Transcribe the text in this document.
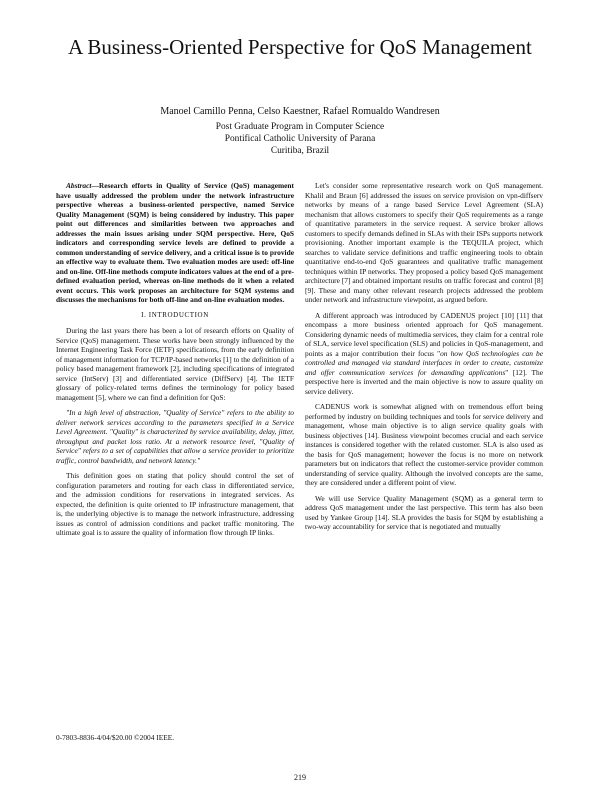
A Business-Oriented Perspective for QoS Management
Manoel Camillo Penna, Celso Kaestner, Rafael Romualdo Wandresen
Post Graduate Program in Computer Science
Pontifical Catholic University of Parana
Curitiba, Brazil

Abstract—Research efforts in Quality of Service (QoS) management have usually addressed the problem under the network infrastructure perspective whereas a business-oriented perspective, named Service Quality Management (SQM) is being considered by industry. This paper point out differences and similarities between two approaches and addresses the main issues arising under SQM perspective. Here, QoS indicators and corresponding service levels are defined to provide a common understanding of service delivery, and a critical issue is to provide an effective way to evaluate them. Two evaluation modes are used: off-line and on-line. Off-line methods compute indicators values at the end of a pre-defined evaluation period, whereas on-line methods do it when a related event occurs. This work proposes an architecture for SQM systems and discusses the mechanisms for both off-line and on-line evaluation modes.

I. INTRODUCTION

During the last years there has been a lot of research efforts on Quality of Service (QoS) management. These works have been strongly influenced by the Internet Engineering Task Force (IETF) specifications, from the early definition of management information for TCP/IP-based networks [1] to the definition of a policy based management framework [2], including specifications of integrated service (IntServ) [3] and differentiated service (DiffServ) [4]. The IETF glossary of policy-related terms defines the terminology for policy based management [5], where we can find a definition for QoS:

"In a high level of abstraction, "Quality of Service" refers to the ability to deliver network services according to the parameters specified in a Service Level Agreement. "Quality" is characterized by service availability, delay, jitter, throughput and packet loss ratio. At a network resource level, "Quality of Service" refers to a set of capabilities that allow a service provider to prioritize traffic, control bandwidth, and network latency."

This definition goes on stating that policy should control the set of configuration parameters and routing for each class in differentiated service, and the admission conditions for reservations in integrated services. As expected, the definition is quite oriented to IP infrastructure management, that is, the underlying objective is to manage the network infrastructure, addressing issues as control of admission conditions and packet traffic monitoring. The ultimate goal is to assure the quality of information flow through IP links.

Let's consider some representative research work on QoS management. Khalil and Braun [6] addressed the issues on service provision on vpn-diffserv networks by means of a range based Service Level Agreement (SLA) mechanism that allows customers to specify their QoS requirements as a range of quantitative parameters in the service request. A service broker allows customers to specify demands defined in SLAs with their ISPs supports network provisioning. Another important example is the TEQUILA project, which searches to validate service definitions and traffic engineering tools to obtain quantitative end-to-end QoS guarantees and qualitative traffic management techniques within IP networks. They proposed a policy based QoS management architecture [7] and obtained important results on traffic forecast and control [8] [9]. These and many other relevant research projects addressed the problem under network and infrastructure viewpoint, as argued before.

A different approach was introduced by CADENUS project [10] [11] that encompass a more business oriented approach for QoS management. Considering dynamic needs of multimedia services, they claim for a central role of SLA, service level specification (SLS) and policies in QoS-management, and points as a major contribution their focus "on how QoS technologies can be controlled and managed via standard interfaces in order to create, customize and offer communication services for demanding applications" [12]. The perspective here is inverted and the main objective is now to assure quality on service delivery.

CADENUS work is somewhat aligned with on tremendous effort being performed by industry on building techniques and tools for service delivery and management, whose main objective is to align service quality goals with business objectives [14]. Business viewpoint becomes crucial and each service instances is considered together with the related customer. SLA is also used as the basis for QoS management; however the focus is no more on network parameters but on indicators that reflect the customer-service provider common understanding of service quality. Although the involved concepts are the same, they are considered under a different point of view.

We will use Service Quality Management (SQM) as a general term to address QoS management under the last perspective. This term has also been used by Yankee Group [14]. SLA provides the basis for SQM by establishing a two-way accountability for service that is negotiated and mutually

0-7803-8836-4/04/$20.00 ©2004 IEEE.
219
